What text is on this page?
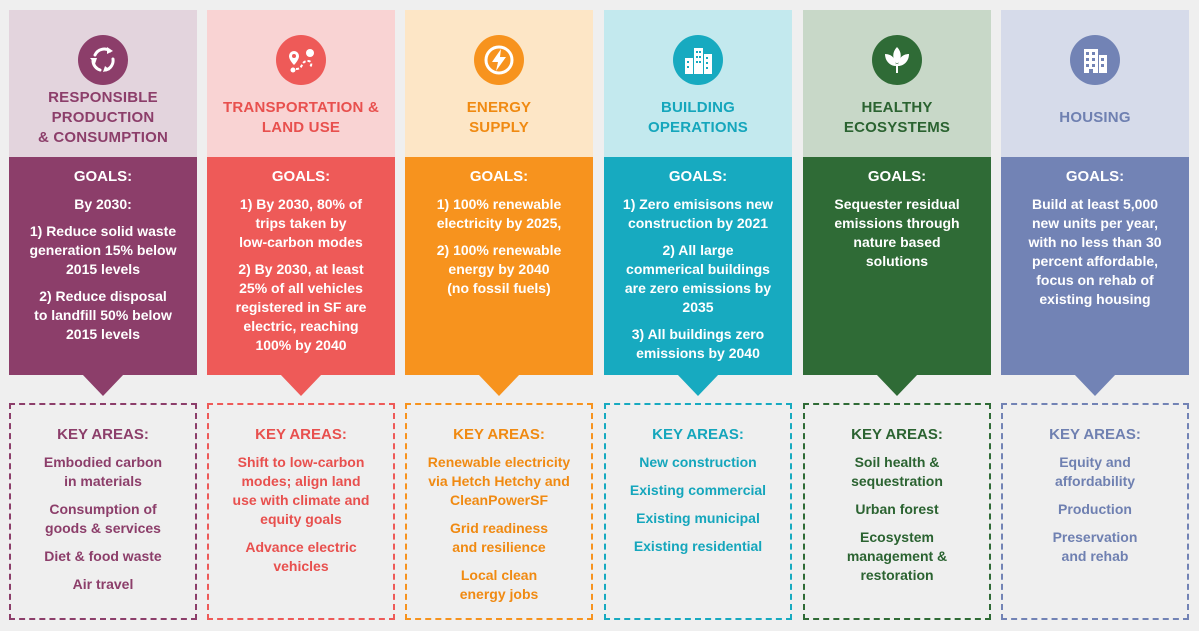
RESPONSIBLE
PRODUCTION
& CONSUMPTION
GOALS:
By 2030:
1) Reduce solid waste
generation 15% below
2015 levels
2) Reduce disposal
to landfill 50% below
2015 levels
KEY AREAS:
Embodied carbon
in materials
Consumption of
goods & services
Diet & food waste
Air travel
TRANSPORTATION &
LAND USE
GOALS:
1) By 2030, 80% of
trips taken by
low-carbon modes
2) By 2030, at least
25% of all vehicles
registered in SF are
electric, reaching
100% by 2040
KEY AREAS:
Shift to low-carbon
modes; align land
use with climate and
equity goals
Advance electric
vehicles
ENERGY
SUPPLY
GOALS:
1) 100% renewable
electricity by 2025,
2) 100% renewable
energy by 2040
(no fossil fuels)
KEY AREAS:
Renewable electricity
via Hetch Hetchy and
CleanPowerSF
Grid readiness
and resilience
Local clean
energy jobs
BUILDING
OPERATIONS
GOALS:
1) Zero emisisons new
construction by 2021
2) All large
commerical buildings
are zero emissions by
2035
3) All buildings zero
emissions by 2040
KEY AREAS:
New construction
Existing commercial
Existing municipal
Existing residential
HEALTHY
ECOSYSTEMS
GOALS:
Sequester residual
emissions through
nature based
solutions
KEY AREAS:
Soil health &
sequestration
Urban forest
Ecosystem
management &
restoration
HOUSING
GOALS:
Build at least 5,000
new units per year,
with no less than 30
percent affordable,
focus on rehab of
existing housing
KEY AREAS:
Equity and
affordability
Production
Preservation
and rehab
